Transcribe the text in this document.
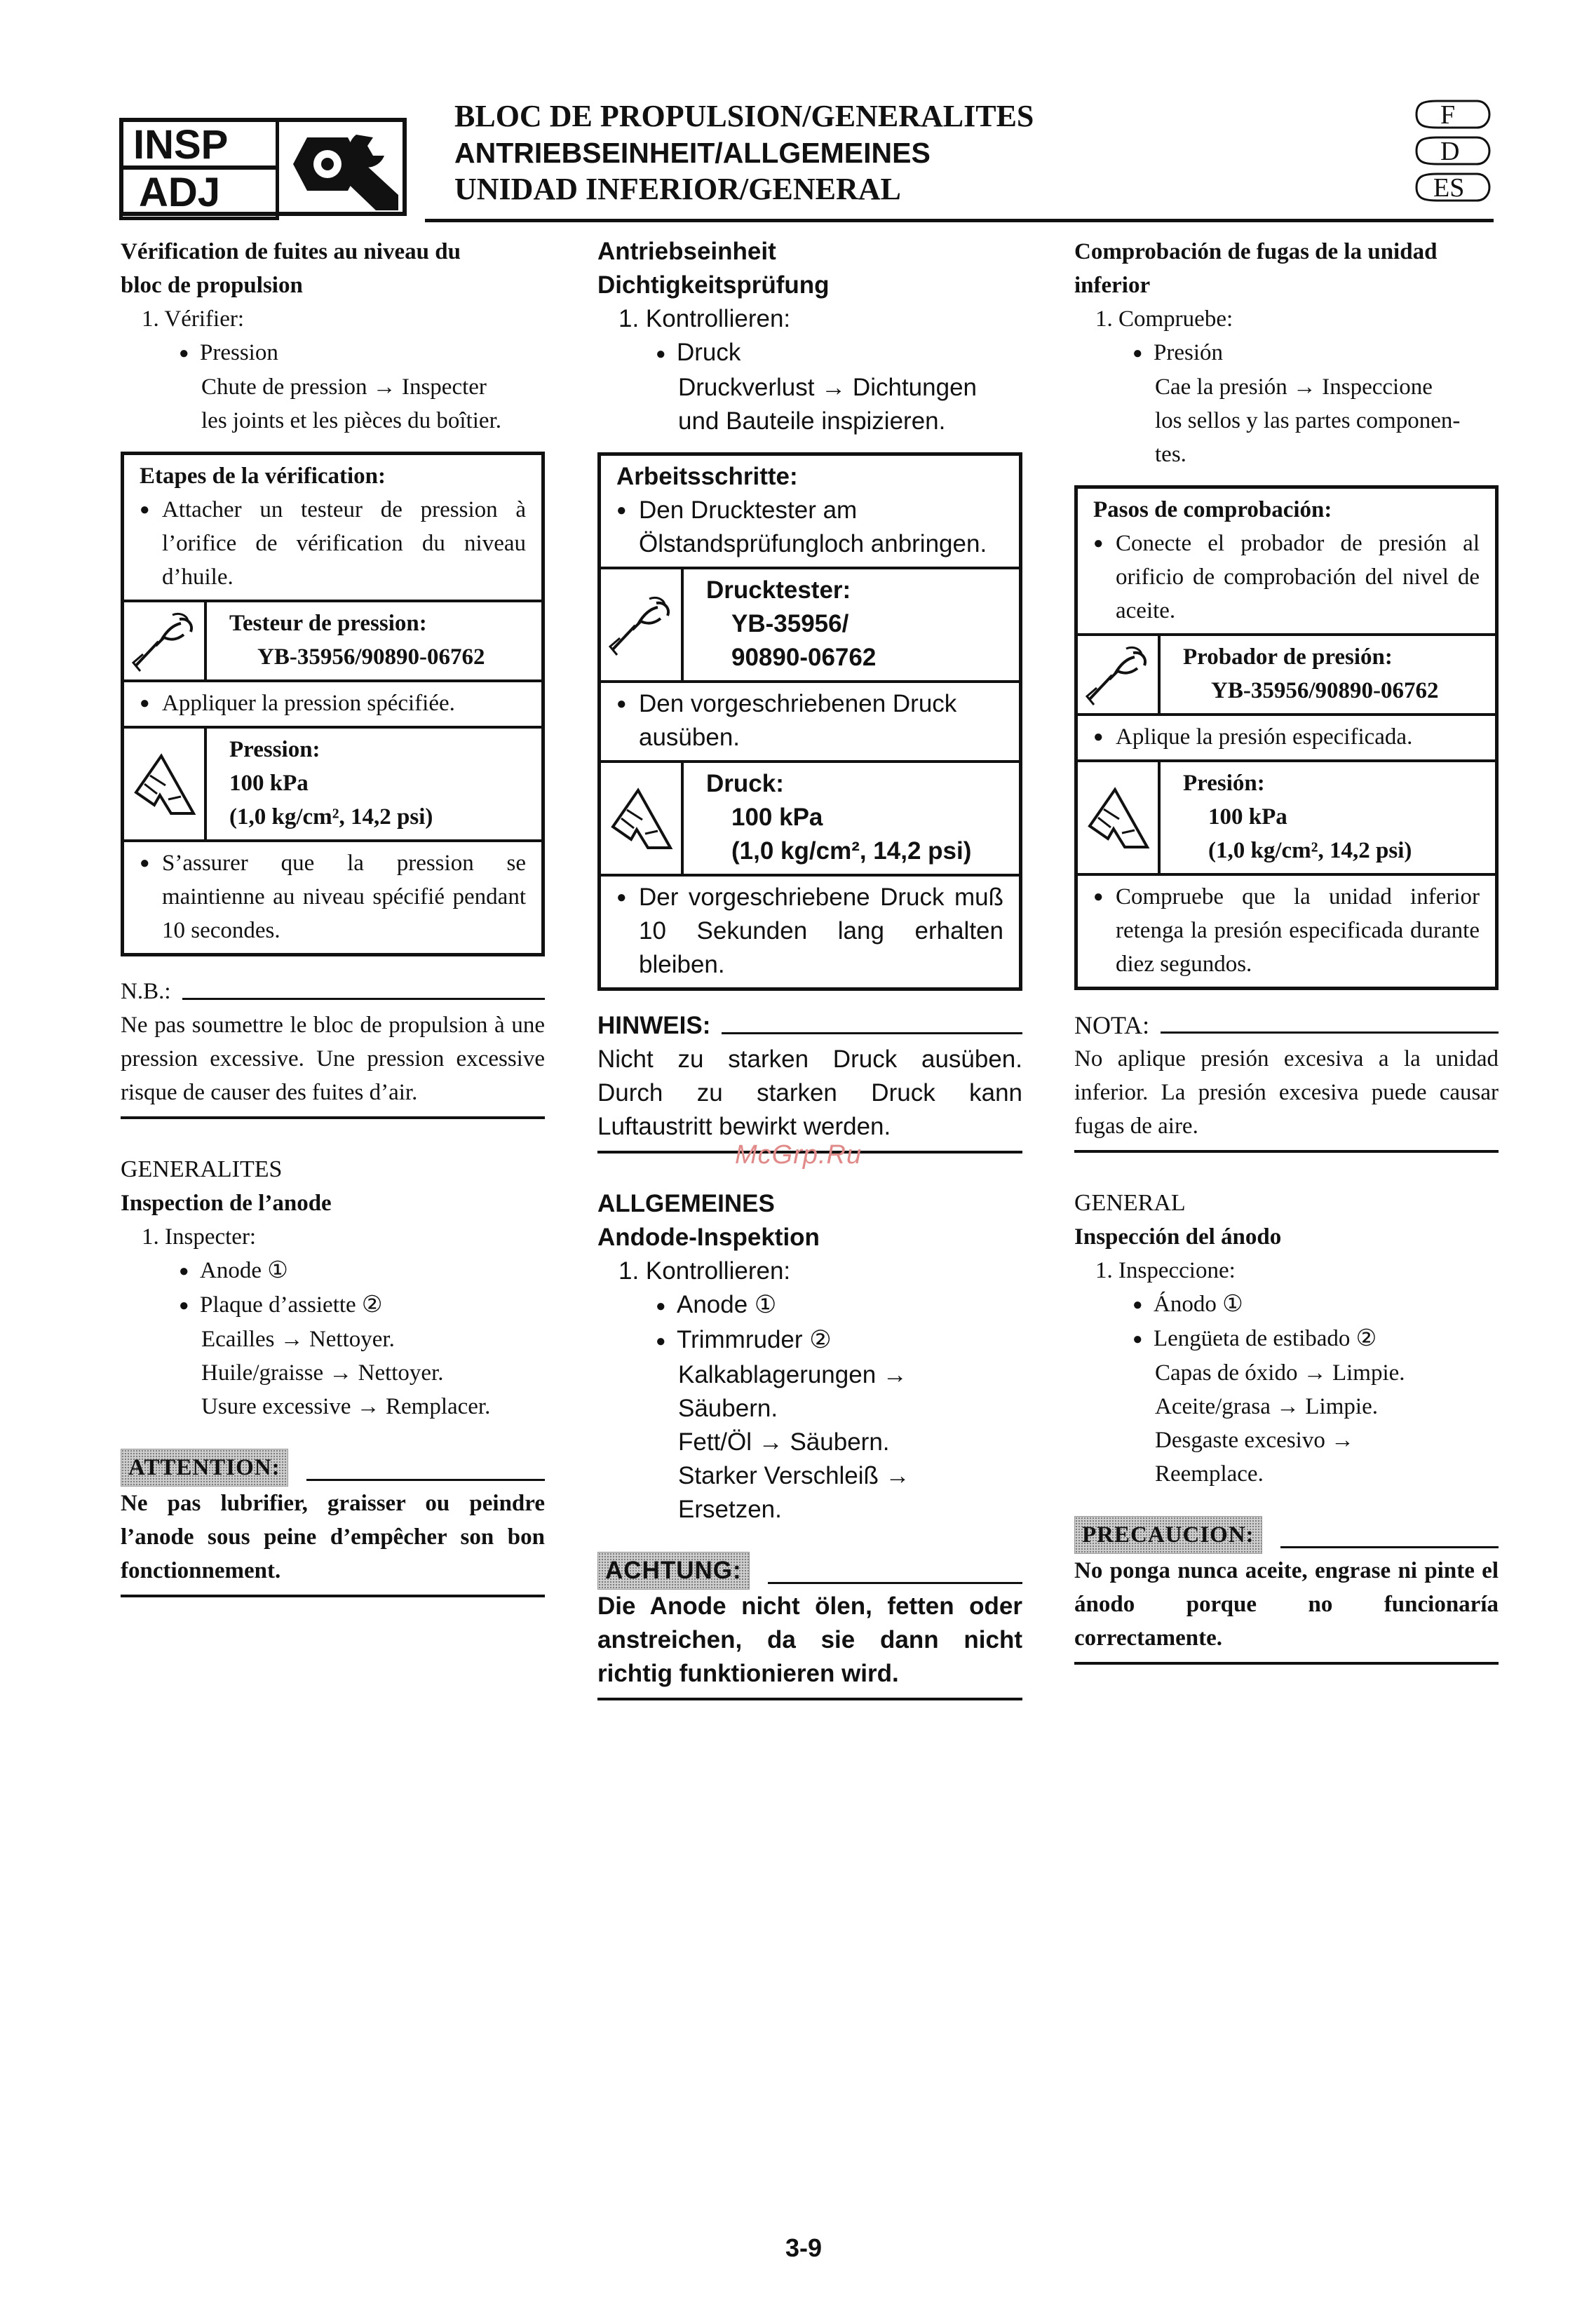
INSP
ADJ
BLOC DE PROPULSION/GENERALITES
ANTRIEBSEINHEIT/ALLGEMEINES
UNIDAD INFERIOR/GENERAL
F
D
ES

Vérification de fuites au niveau du

bloc de propulsion

1. Vérifier:

● Pression

Chute de pression → Inspecter

les joints et les pièces du boîtier.

Etapes de la vérification:

● Attacher un testeur de pression à l’orifice de vérification du niveau d’huile.

Testeur de pression:

YB-35956/90890-06762

● Appliquer la pression spécifiée.

Pression:

100 kPa

(1,0 kg/cm², 14,2 psi)

● S’assurer que la pression se maintienne au niveau spécifié pendant 10 secondes.

N.B.:

Ne pas soumettre le bloc de propulsion à une pression excessive. Une pression excessive risque de causer des fuites d’air.

GENERALITES

Inspection de l’anode

1. Inspecter:

● Anode ①

● Plaque d’assiette ②

Ecailles → Nettoyer.

Huile/graisse → Nettoyer.

Usure excessive → Remplacer.

ATTENTION:

Ne pas lubrifier, graisser ou peindre l’anode sous peine d’empêcher son bon fonctionnement.

Antriebseinheit

Dichtigkeitsprüfung

1. Kontrollieren:

● Druck

Druckverlust → Dichtungen

und Bauteile inspizieren.

Arbeitsschritte:

● Den Drucktester am Ölstandsprüfungloch anbringen.

Drucktester:

YB-35956/

90890-06762

● Den vorgeschriebenen Druck ausüben.

Druck:

100 kPa

(1,0 kg/cm², 14,2 psi)

● Der vorgeschriebene Druck muß 10 Sekunden lang erhalten bleiben.

HINWEIS:

Nicht zu starken Druck ausüben. Durch zu starken Druck kann Luftaustritt bewirkt werden.

ALLGEMEINES

Andode-Inspektion

1. Kontrollieren:

● Anode ①

● Trimmruder ②

Kalkablagerungen →

Säubern.

Fett/Öl → Säubern.

Starker Verschleiß →

Ersetzen.

ACHTUNG:

Die Anode nicht ölen, fetten oder anstreichen, da sie dann nicht richtig funktionieren wird.

Comprobación de fugas de la unidad

inferior

1. Compruebe:

● Presión

Cae la presión → Inspeccione

los sellos y las partes componen-

tes.

Pasos de comprobación:

● Conecte el probador de presión al orificio de comprobación del nivel de aceite.

Probador de presión:

YB-35956/90890-06762

● Aplique la presión especificada.

Presión:

100 kPa

(1,0 kg/cm², 14,2 psi)

● Compruebe que la unidad inferior retenga la presión especificada durante diez segundos.

NOTA:

No aplique presión excesiva a la unidad inferior. La presión excesiva puede causar fugas de aire.

GENERAL

Inspección del ánodo

1. Inspeccione:

● Ánodo ①

● Lengüeta de estibado ②

Capas de óxido → Limpie.

Aceite/grasa → Limpie.

Desgaste excesivo →

Reemplace.

PRECAUCION:

No ponga nunca aceite, engrase ni pinte el ánodo porque no funcionaría correctamente.

McGrp.Ru
3-9
